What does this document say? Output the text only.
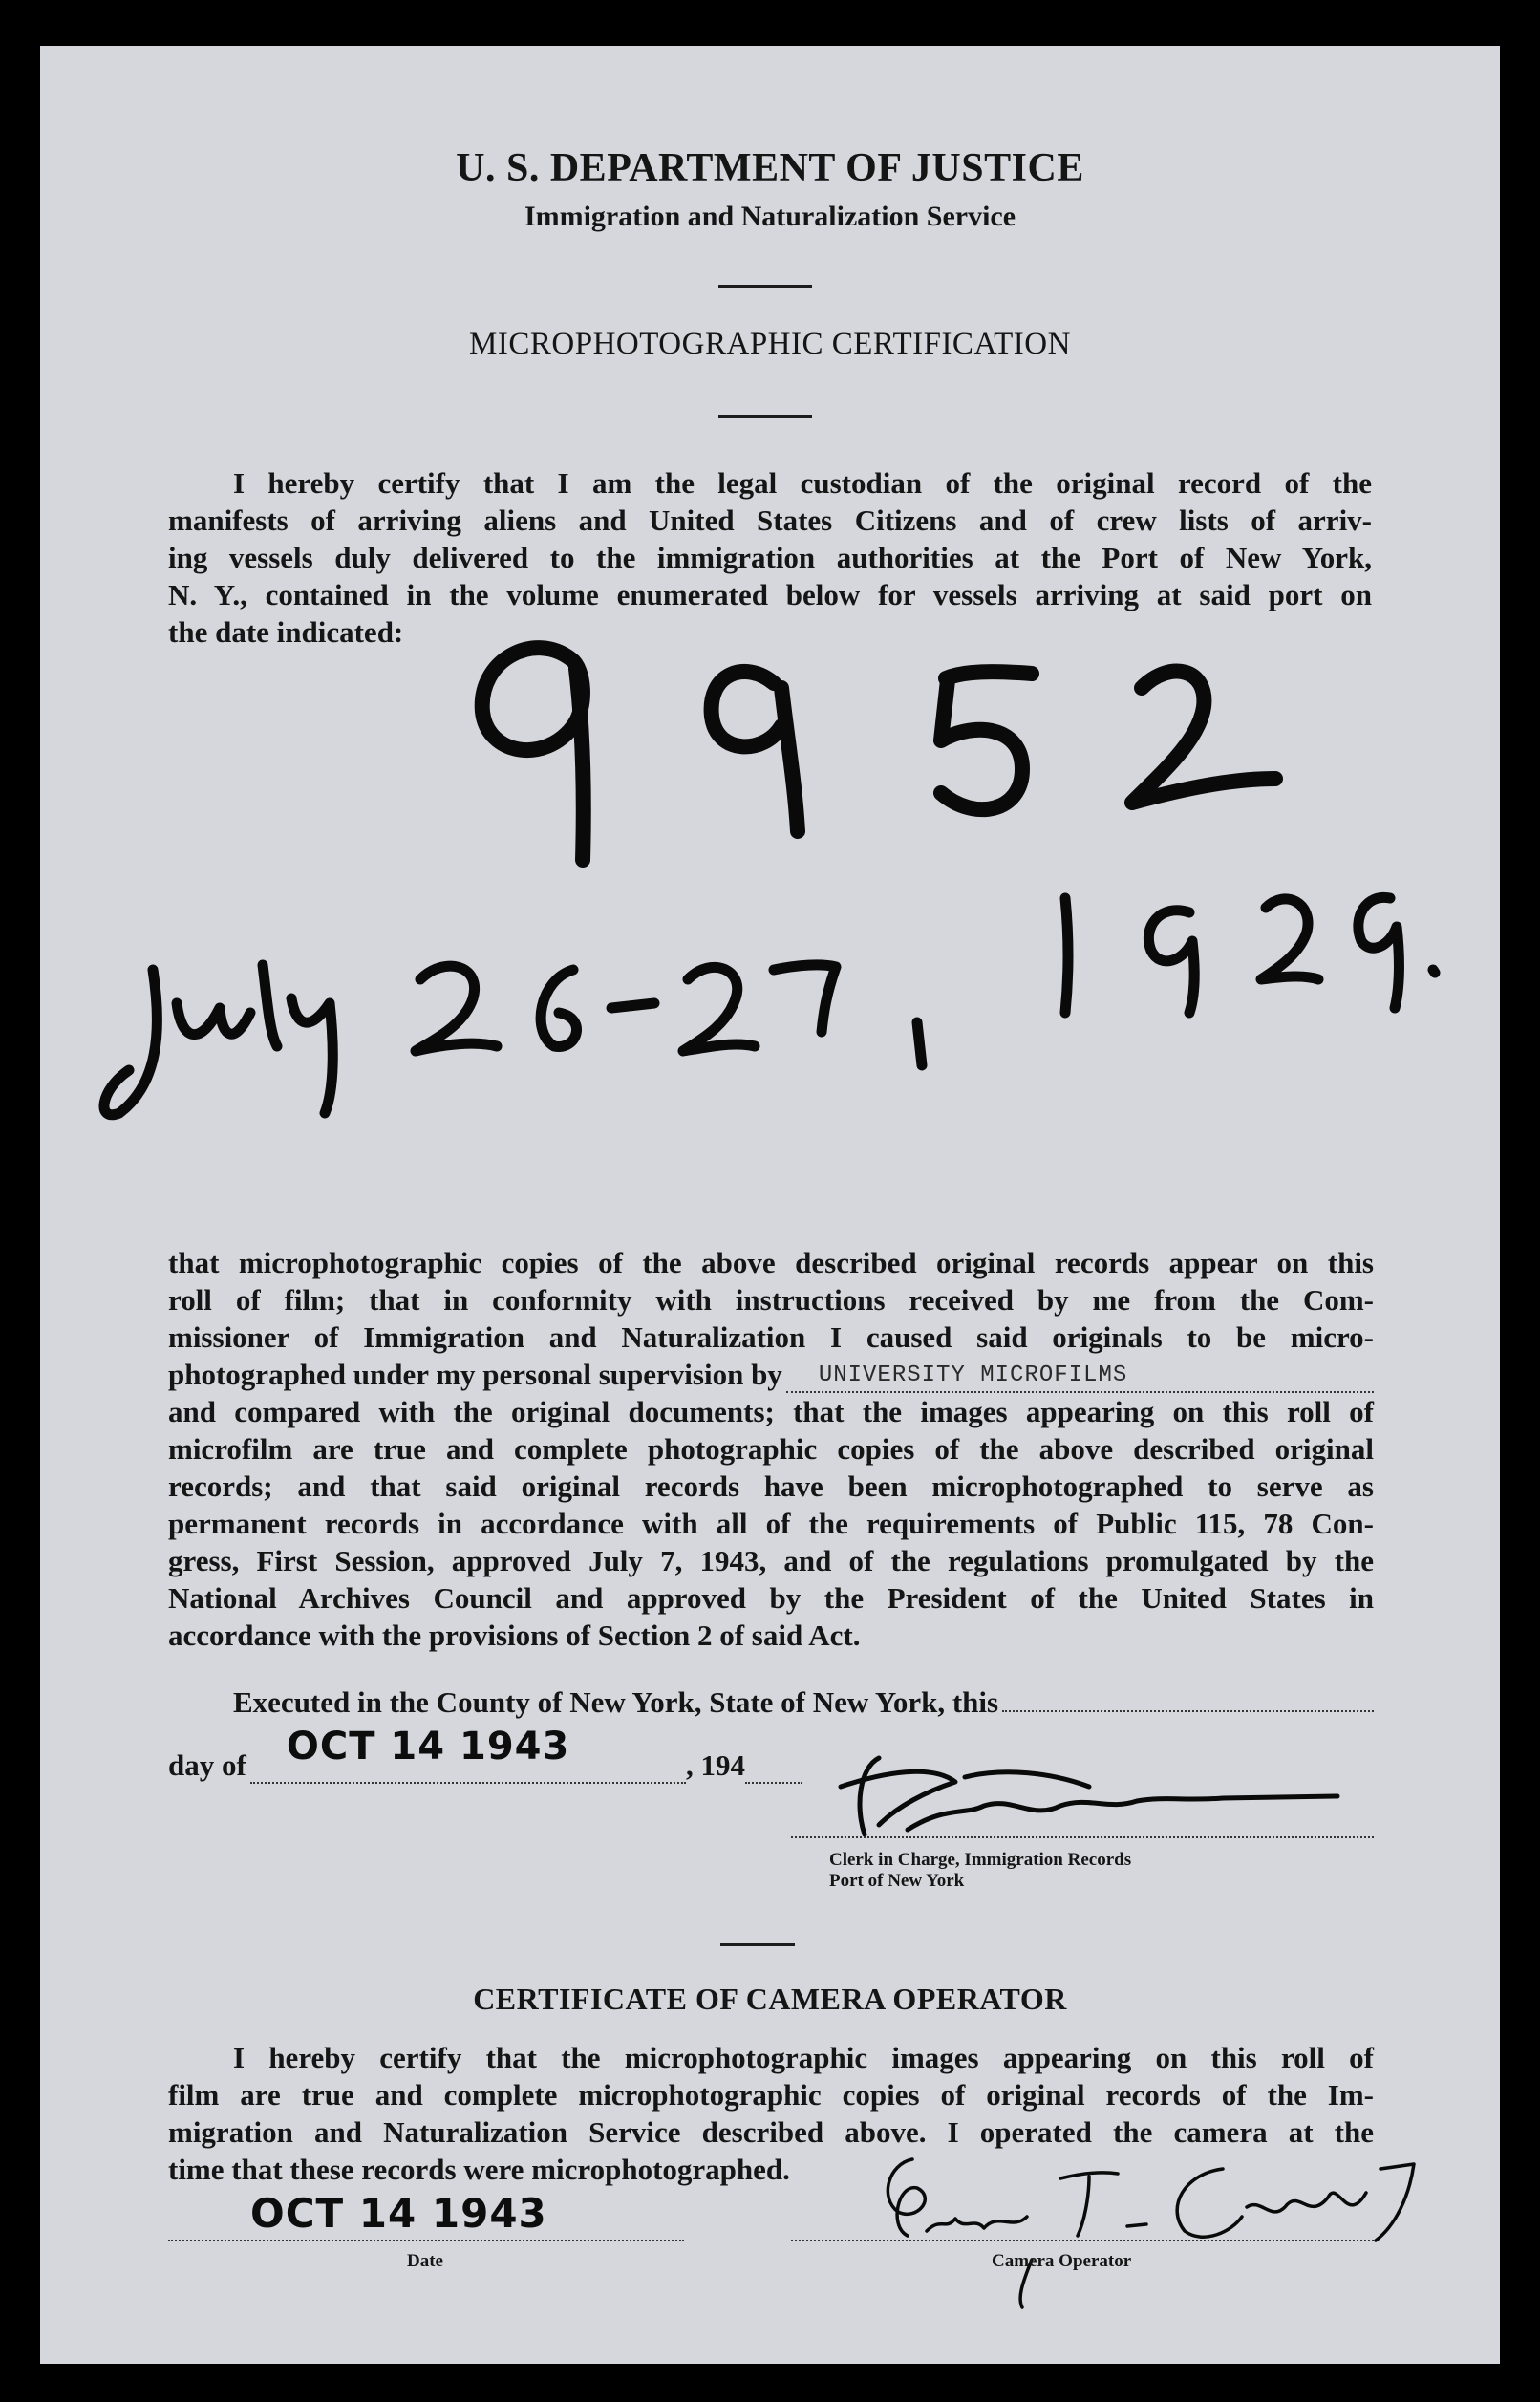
U. S. DEPARTMENT OF JUSTICE
Immigration and Naturalization Service
MICROPHOTOGRAPHIC CERTIFICATION
I hereby certify that I am the legal custodian of the original record of the
manifests of arriving aliens and United States Citizens and of crew lists of arriv-
ing vessels duly delivered to the immigration authorities at the Port of New York,
N. Y., contained in the volume enumerated below for vessels arriving at said port on
the date indicated:
that microphotographic copies of the above described original records appear on this
roll of film; that in conformity with instructions received by me from the Com-
missioner of Immigration and Naturalization I caused said originals to be micro-
photographed under my personal supervision by UNIVERSITY MICROFILMS
and compared with the original documents; that the images appearing on this roll of
microfilm are true and complete photographic copies of the above described original
records; and that said original records have been microphotographed to serve as
permanent records in accordance with all of the requirements of Public 115, 78 Con-
gress, First Session, approved July 7, 1943, and of the regulations promulgated by the
National Archives Council and approved by the President of the United States in
accordance with the provisions of Section 2 of said Act.
Executed in the County of New York, State of New York, this
day of OCT 14 1943	, 194
Clerk in Charge, Immigration Records
Port of New York
CERTIFICATE OF CAMERA OPERATOR
I hereby certify that the microphotographic images appearing on this roll of
film are true and complete microphotographic copies of original records of the Im-
migration and Naturalization Service described above. I operated the camera at the
time that these records were microphotographed.
OCT 14 1943
Date	Camera Operator
